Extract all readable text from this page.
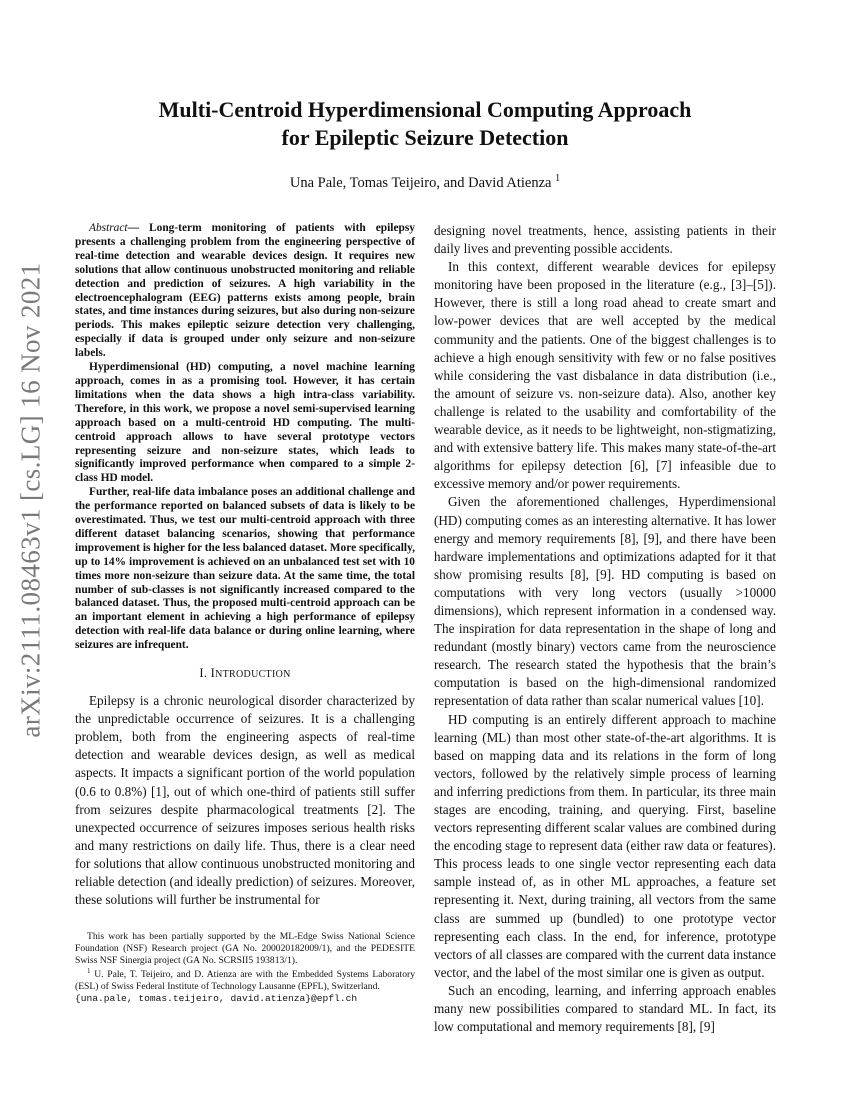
arXiv:2111.08463v1 [cs.LG] 16 Nov 2021
Multi-Centroid Hyperdimensional Computing Approach
for Epileptic Seizure Detection
Una Pale, Tomas Teijeiro, and David Atienza $^1$

Abstract— Long-term monitoring of patients with epilepsy presents a challenging problem from the engineering perspective of real-time detection and wearable devices design. It requires new solutions that allow continuous unobstructed monitoring and reliable detection and prediction of seizures. A high variability in the electroencephalogram (EEG) patterns exists among people, brain states, and time instances during seizures, but also during non-seizure periods. This makes epileptic seizure detection very challenging, especially if data is grouped under only seizure and non-seizure labels.

Hyperdimensional (HD) computing, a novel machine learning approach, comes in as a promising tool. However, it has certain limitations when the data shows a high intra-class variability. Therefore, in this work, we propose a novel semi-supervised learning approach based on a multi-centroid HD computing. The multi-centroid approach allows to have several prototype vectors representing seizure and non-seizure states, which leads to significantly improved performance when compared to a simple 2-class HD model.

Further, real-life data imbalance poses an additional challenge and the performance reported on balanced subsets of data is likely to be overestimated. Thus, we test our multi-centroid approach with three different dataset balancing scenarios, showing that performance improvement is higher for the less balanced dataset. More specifically, up to 14% improvement is achieved on an unbalanced test set with 10 times more non-seizure than seizure data. At the same time, the total number of sub-classes is not significantly increased compared to the balanced dataset. Thus, the proposed multi-centroid approach can be an important element in achieving a high performance of epilepsy detection with real-life data balance or during online learning, where seizures are infrequent.

I. INTRODUCTION

Epilepsy is a chronic neurological disorder characterized by the unpredictable occurrence of seizures. It is a challenging problem, both from the engineering aspects of real-time detection and wearable devices design, as well as medical aspects. It impacts a significant portion of the world population (0.6 to 0.8%) [1], out of which one-third of patients still suffer from seizures despite pharmacological treatments [2]. The unexpected occurrence of seizures imposes serious health risks and many restrictions on daily life. Thus, there is a clear need for solutions that allow continuous unobstructed monitoring and reliable detection (and ideally prediction) of seizures. Moreover, these solutions will further be instrumental for

This work has been partially supported by the ML-Edge Swiss National Science Foundation (NSF) Research project (GA No. 200020182009/1), and the PEDESITE Swiss NSF Sinergia project (GA No. SCRSII5 193813/1).

$^1$ U. Pale, T. Teijeiro, and D. Atienza are with the Embedded Systems Laboratory (ESL) of Swiss Federal Institute of Technology Lausanne (EPFL), Switzerland.

{una.pale, tomas.teijeiro, david.atienza}@epfl.ch

designing novel treatments, hence, assisting patients in their daily lives and preventing possible accidents.

In this context, different wearable devices for epilepsy monitoring have been proposed in the literature (e.g., [3]–[5]). However, there is still a long road ahead to create smart and low-power devices that are well accepted by the medical community and the patients. One of the biggest challenges is to achieve a high enough sensitivity with few or no false positives while considering the vast disbalance in data distribution (i.e., the amount of seizure vs. non-seizure data). Also, another key challenge is related to the usability and comfortability of the wearable device, as it needs to be lightweight, non-stigmatizing, and with extensive battery life. This makes many state-of-the-art algorithms for epilepsy detection [6], [7] infeasible due to excessive memory and/or power requirements.

Given the aforementioned challenges, Hyperdimensional (HD) computing comes as an interesting alternative. It has lower energy and memory requirements [8], [9], and there have been hardware implementations and optimizations adapted for it that show promising results [8], [9]. HD computing is based on computations with very long vectors (usually >10000 dimensions), which represent information in a condensed way. The inspiration for data representation in the shape of long and redundant (mostly binary) vectors came from the neuroscience research. The research stated the hypothesis that the brain’s computation is based on the high-dimensional randomized representation of data rather than scalar numerical values [10].

HD computing is an entirely different approach to machine learning (ML) than most other state-of-the-art algorithms. It is based on mapping data and its relations in the form of long vectors, followed by the relatively simple process of learning and inferring predictions from them. In particular, its three main stages are encoding, training, and querying. First, baseline vectors representing different scalar values are combined during the encoding stage to represent data (either raw data or features). This process leads to one single vector representing each data sample instead of, as in other ML approaches, a feature set representing it. Next, during training, all vectors from the same class are summed up (bundled) to one prototype vector representing each class. In the end, for inference, prototype vectors of all classes are compared with the current data instance vector, and the label of the most similar one is given as output.

Such an encoding, learning, and inferring approach enables many new possibilities compared to standard ML. In fact, its low computational and memory requirements [8], [9]
